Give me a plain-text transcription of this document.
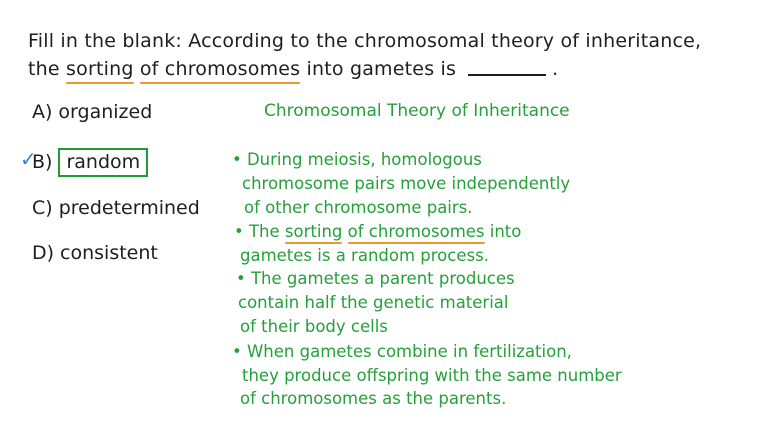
Fill in the blank: According to the chromosomal theory of inheritance,
the sorting of chromosomes into gametes is	.
A) organized
✓
B) random
C) predetermined
D) consistent
Chromosomal Theory of Inheritance
• During meiosis, homologous
chromosome pairs move independently
of other chromosome pairs.
• The sorting of chromosomes into
gametes is a random process.
• The gametes a parent produces
contain half the genetic material
of their body cells
• When gametes combine in fertilization,
they produce offspring with the same number
of chromosomes as the parents.
